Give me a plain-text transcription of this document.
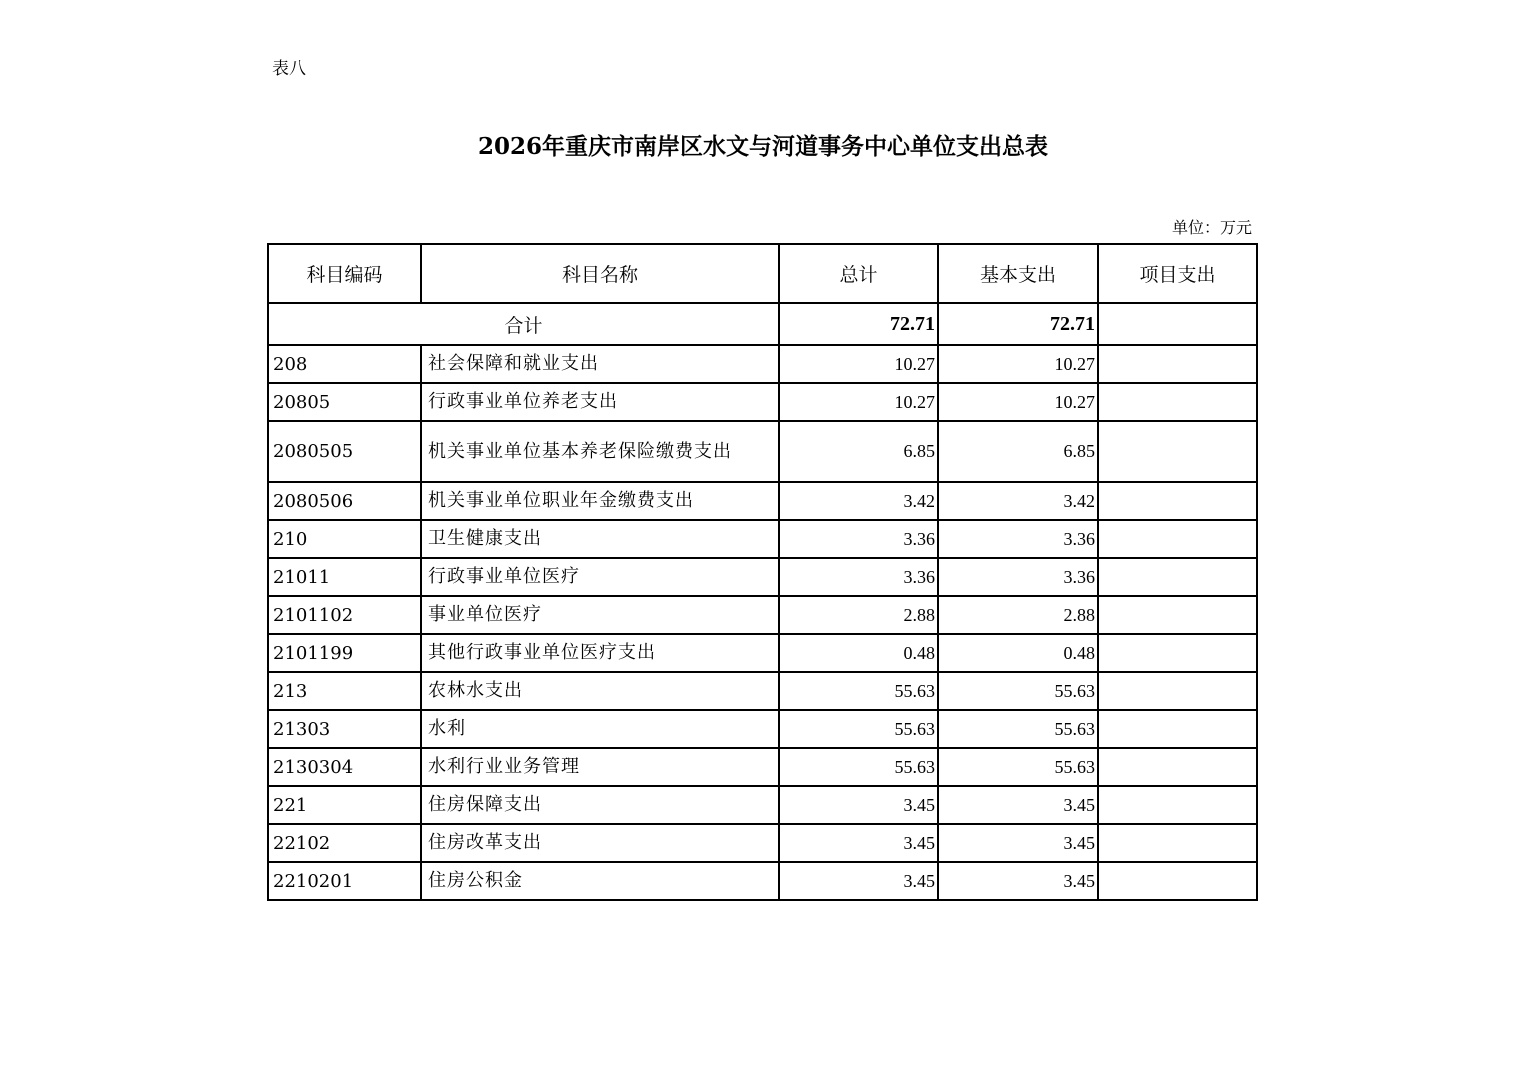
表八
2026年重庆市南岸区水文与河道事务中心单位支出总表
单位：万元
科目编码	科目名称	总计	基本支出	项目支出
合计		72.71	72.71	
208	社会保障和就业支出	10.27	10.27	
20805	行政事业单位养老支出	10.27	10.27	
2080505	机关事业单位基本养老保险缴费支出	6.85	6.85	
2080506	机关事业单位职业年金缴费支出	3.42	3.42	
210	卫生健康支出	3.36	3.36	
21011	行政事业单位医疗	3.36	3.36	
2101102	事业单位医疗	2.88	2.88	
2101199	其他行政事业单位医疗支出	0.48	0.48	
213	农林水支出	55.63	55.63	
21303	水利	55.63	55.63	
2130304	水利行业业务管理	55.63	55.63	
221	住房保障支出	3.45	3.45	
22102	住房改革支出	3.45	3.45	
2210201	住房公积金	3.45	3.45	
